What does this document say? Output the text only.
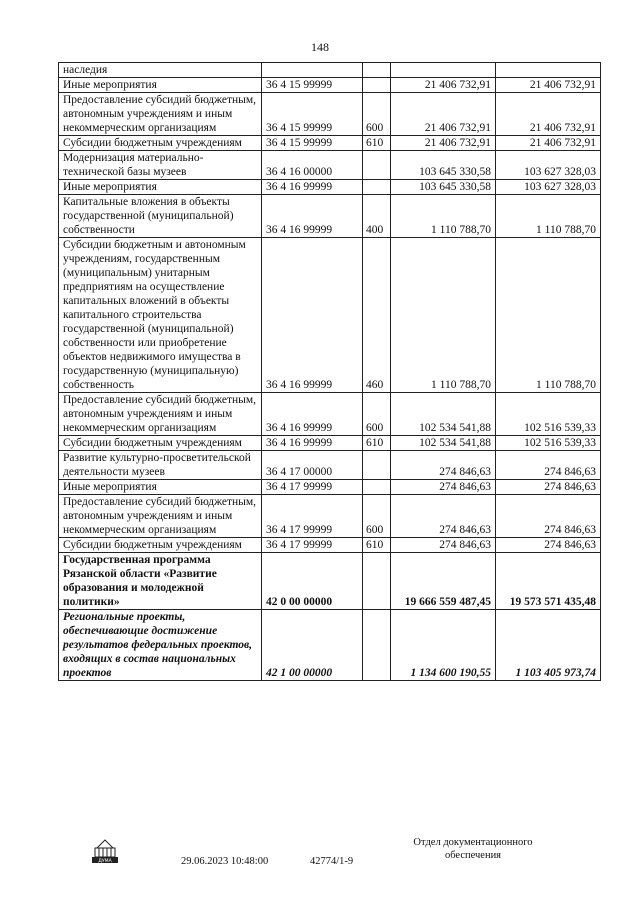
148
наследия				
Иные мероприятия	36 4 15 99999		21 406 732,91	21 406 732,91
Предоставление субсидий бюджетным, автономным учреждениям и иным некоммерческим организациям	36 4 15 99999	600	21 406 732,91	21 406 732,91
Субсидии бюджетным учреждениям	36 4 15 99999	610	21 406 732,91	21 406 732,91
Модернизация материально-технической базы музеев	36 4 16 00000		103 645 330,58	103 627 328,03
Иные мероприятия	36 4 16 99999		103 645 330,58	103 627 328,03
Капитальные вложения в объекты государственной (муниципальной) собственности	36 4 16 99999	400	1 110 788,70	1 110 788,70
Субсидии бюджетным и автономным учреждениям, государственным (муниципальным) унитарным предприятиям на осуществление капитальных вложений в объекты капитального строительства государственной (муниципальной) собственности или приобретение объектов недвижимого имущества в государственную (муниципальную) собственность	36 4 16 99999	460	1 110 788,70	1 110 788,70
Предоставление субсидий бюджетным, автономным учреждениям и иным некоммерческим организациям	36 4 16 99999	600	102 534 541,88	102 516 539,33
Субсидии бюджетным учреждениям	36 4 16 99999	610	102 534 541,88	102 516 539,33
Развитие культурно-просветительской деятельности музеев	36 4 17 00000		274 846,63	274 846,63
Иные мероприятия	36 4 17 99999		274 846,63	274 846,63
Предоставление субсидий бюджетным, автономным учреждениям и иным некоммерческим организациям	36 4 17 99999	600	274 846,63	274 846,63
Субсидии бюджетным учреждениям	36 4 17 99999	610	274 846,63	274 846,63
Государственная программа Рязанской области «Развитие образования и молодежной политики»	42 0 00 00000		19 666 559 487,45	19 573 571 435,48
Региональные проекты, обеспечивающие достижение результатов федеральных проектов, входящих в состав национальных проектов	42 1 00 00000		1 134 600 190,55	1 103 405 973,74
ДУМА	29.06.2023 10:48:00	42774/1-9
Отдел документационного обеспечения
